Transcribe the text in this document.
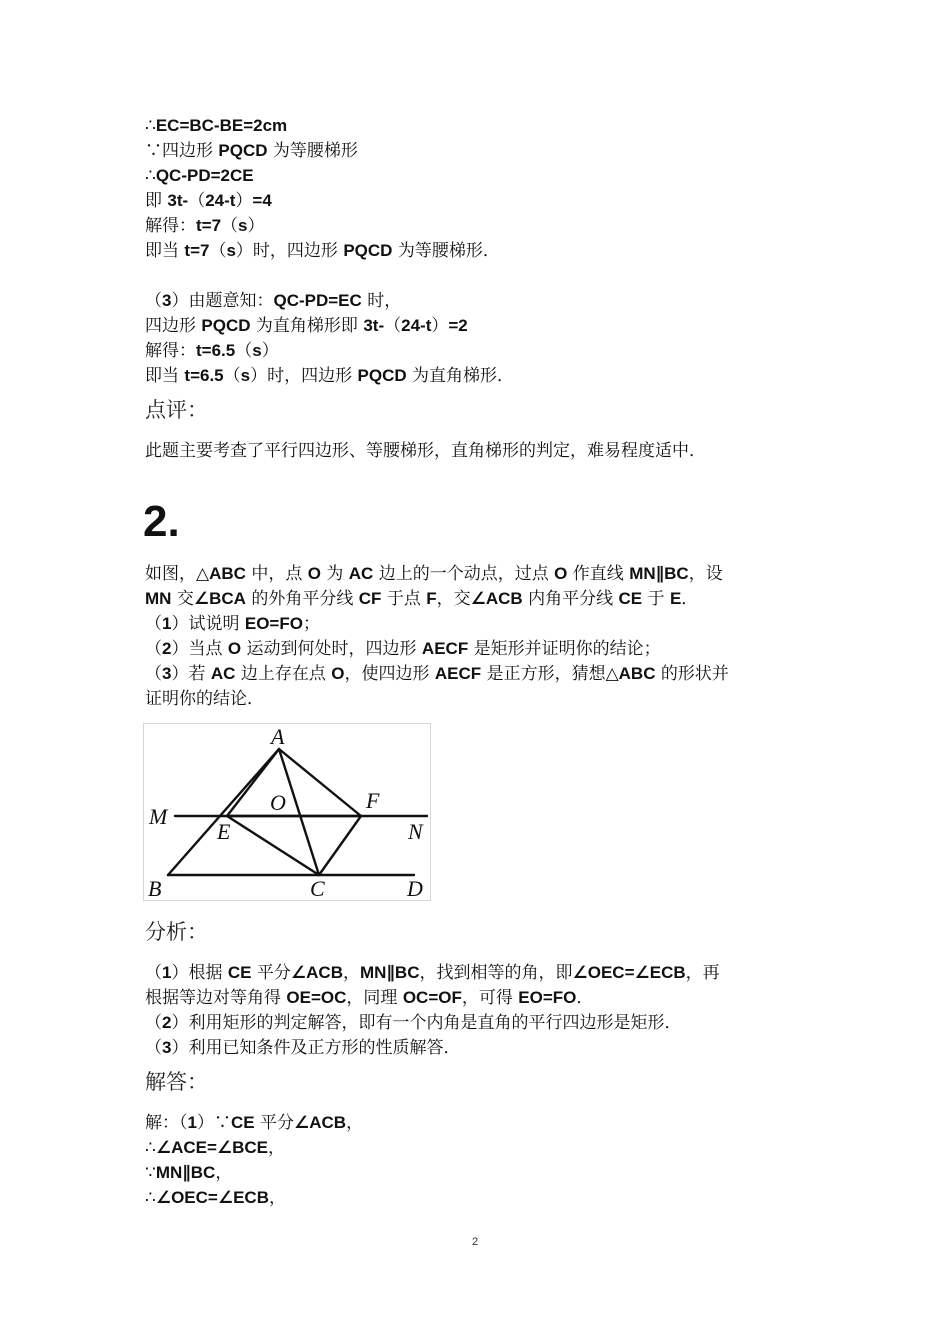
∴EC=BC-BE=2cm
∵四边形 PQCD 为等腰梯形
∴QC-PD=2CE
即 3t-（24-t）=4
解得：t=7（s）
即当 t=7（s）时，四边形 PQCD 为等腰梯形．
（3）由题意知：QC-PD=EC 时，
四边形 PQCD 为直角梯形即 3t-（24-t）=2
解得：t=6.5（s）
即当 t=6.5（s）时，四边形 PQCD 为直角梯形．
点评：
此题主要考查了平行四边形、等腰梯形，直角梯形的判定，难易程度适中．
2.
如图，△ABC 中，点 O 为 AC 边上的一个动点，过点 O 作直线 MN∥BC，设
MN 交∠BCA 的外角平分线 CF 于点 F，交∠ACB 内角平分线 CE 于 E．
（1）试说明 EO=FO；
（2）当点 O 运动到何处时，四边形 AECF 是矩形并证明你的结论；
（3）若 AC 边上存在点 O，使四边形 AECF 是正方形，猜想△ABC 的形状并
证明你的结论．
A
O	F
M
E	N
B	C	D
分析：
（1）根据 CE 平分∠ACB，MN∥BC，找到相等的角，即∠OEC=∠ECB，再
根据等边对等角得 OE=OC，同理 OC=OF，可得 EO=FO．
（2）利用矩形的判定解答，即有一个内角是直角的平行四边形是矩形．
（3）利用已知条件及正方形的性质解答．
解答：
解：（1）∵CE 平分∠ACB，
∴∠ACE=∠BCE，
∵MN∥BC，
∴∠OEC=∠ECB，
2
